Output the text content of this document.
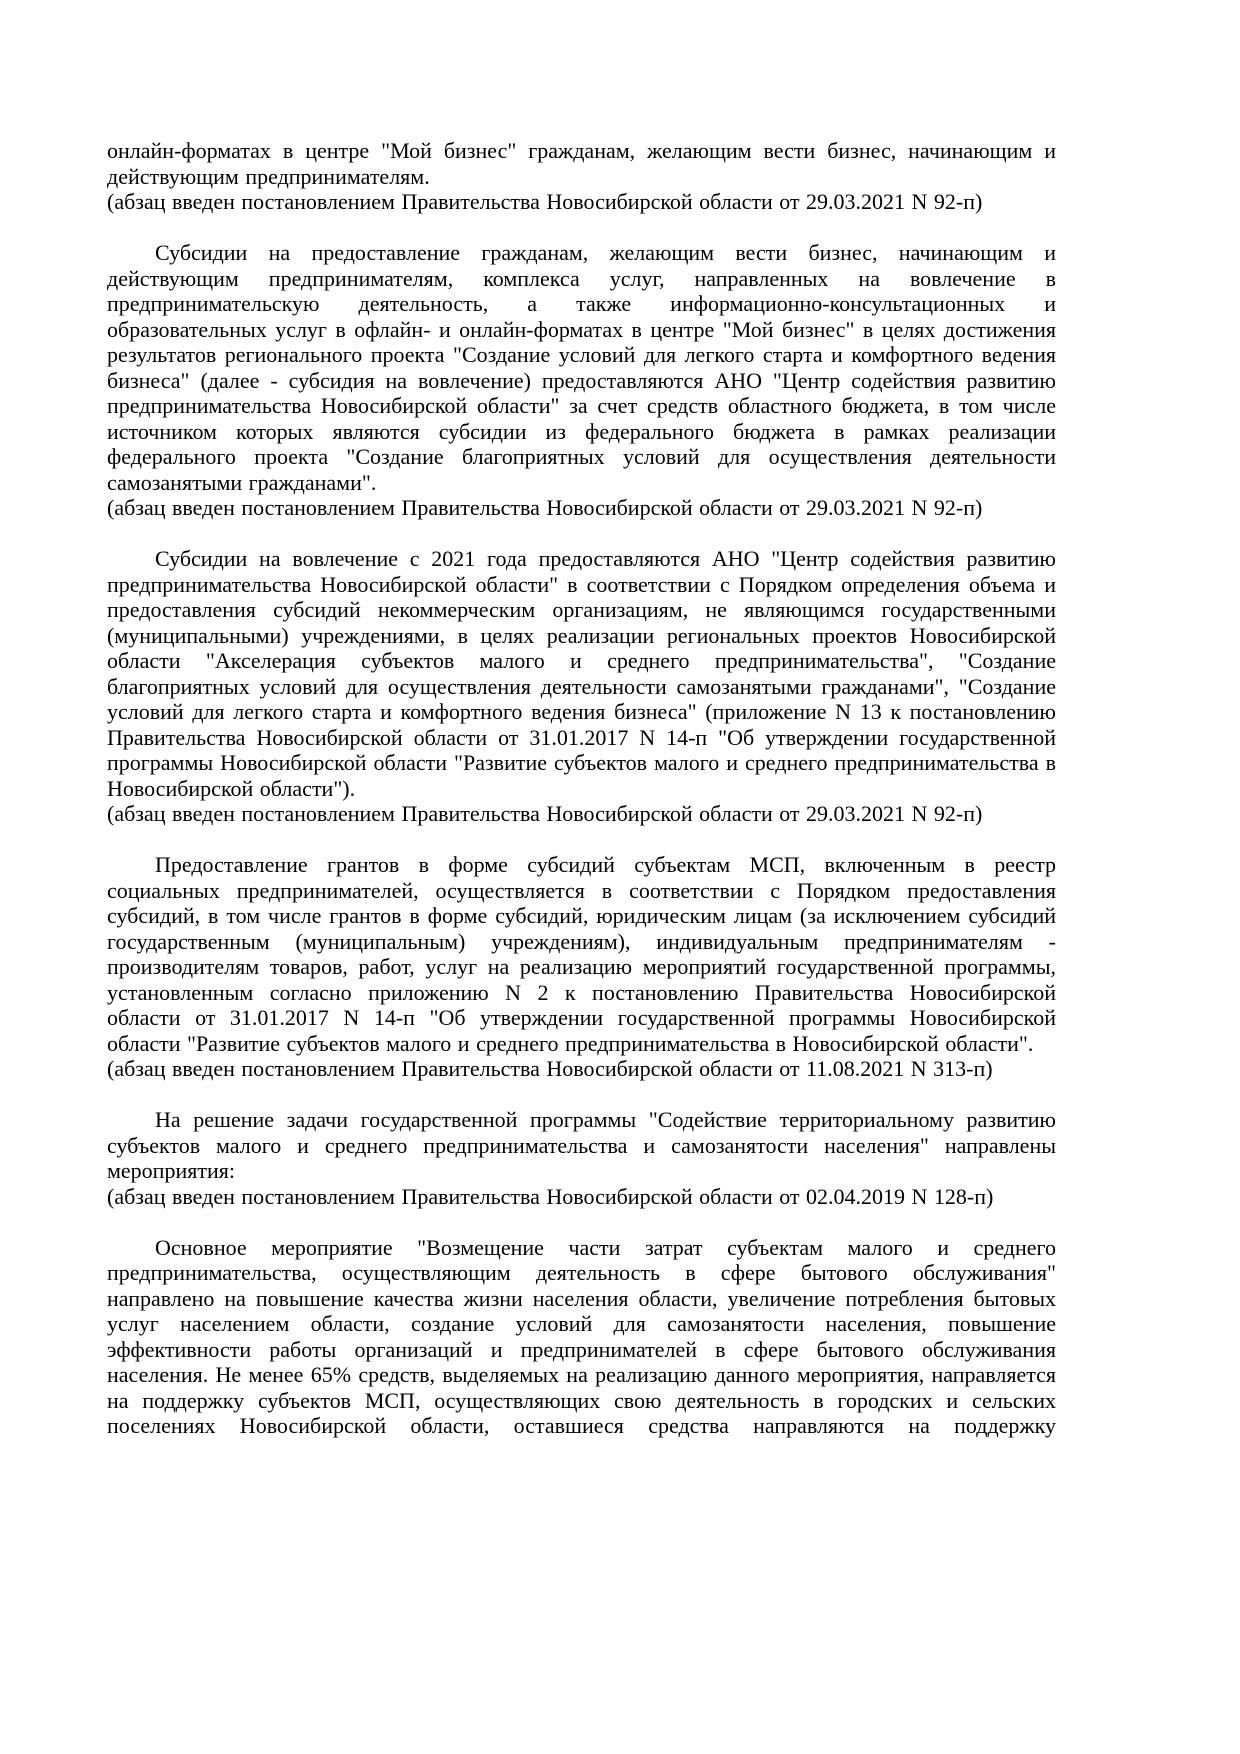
онлайн-форматах в центре "Мой бизнес" гражданам, желающим вести бизнес, начинающим и действующим предпринимателям.

(абзац введен постановлением Правительства Новосибирской области от 29.03.2021 N 92-п)

Субсидии на предоставление гражданам, желающим вести бизнес, начинающим и действующим предпринимателям, комплекса услуг, направленных на вовлечение в предпринимательскую деятельность, а также информационно-консультационных и образовательных услуг в офлайн- и онлайн-форматах в центре "Мой бизнес" в целях достижения результатов регионального проекта "Создание условий для легкого старта и комфортного ведения бизнеса" (далее - субсидия на вовлечение) предоставляются АНО "Центр содействия развитию предпринимательства Новосибирской области" за счет средств областного бюджета, в том числе источником которых являются субсидии из федерального бюджета в рамках реализации федерального проекта "Создание благоприятных условий для осуществления деятельности самозанятыми гражданами".

(абзац введен постановлением Правительства Новосибирской области от 29.03.2021 N 92-п)

Субсидии на вовлечение с 2021 года предоставляются АНО "Центр содействия развитию предпринимательства Новосибирской области" в соответствии с Порядком определения объема и предоставления субсидий некоммерческим организациям, не являющимся государственными (муниципальными) учреждениями, в целях реализации региональных проектов Новосибирской области "Акселерация субъектов малого и среднего предпринимательства", "Создание благоприятных условий для осуществления деятельности самозанятыми гражданами", "Создание условий для легкого старта и комфортного ведения бизнеса" (приложение N 13 к постановлению Правительства Новосибирской области от 31.01.2017 N 14-п "Об утверждении государственной программы Новосибирской области "Развитие субъектов малого и среднего предпринимательства в Новосибирской области").

(абзац введен постановлением Правительства Новосибирской области от 29.03.2021 N 92-п)

Предоставление грантов в форме субсидий субъектам МСП, включенным в реестр социальных предпринимателей, осуществляется в соответствии с Порядком предоставления субсидий, в том числе грантов в форме субсидий, юридическим лицам (за исключением субсидий государственным (муниципальным) учреждениям), индивидуальным предпринимателям - производителям товаров, работ, услуг на реализацию мероприятий государственной программы, установленным согласно приложению N 2 к постановлению Правительства Новосибирской области от 31.01.2017 N 14-п "Об утверждении государственной программы Новосибирской области "Развитие субъектов малого и среднего предпринимательства в Новосибирской области".

(абзац введен постановлением Правительства Новосибирской области от 11.08.2021 N 313-п)

На решение задачи государственной программы "Содействие территориальному развитию субъектов малого и среднего предпринимательства и самозанятости населения" направлены мероприятия:

(абзац введен постановлением Правительства Новосибирской области от 02.04.2019 N 128-п)

Основное мероприятие "Возмещение части затрат субъектам малого и среднего предпринимательства, осуществляющим деятельность в сфере бытового обслуживания" направлено на повышение качества жизни населения области, увеличение потребления бытовых услуг населением области, создание условий для самозанятости населения, повышение эффективности работы организаций и предпринимателей в сфере бытового обслуживания населения. Не менее 65% средств, выделяемых на реализацию данного мероприятия, направляется на поддержку субъектов МСП, осуществляющих свою деятельность в городских и сельских поселениях Новосибирской области, оставшиеся средства направляются на поддержку
